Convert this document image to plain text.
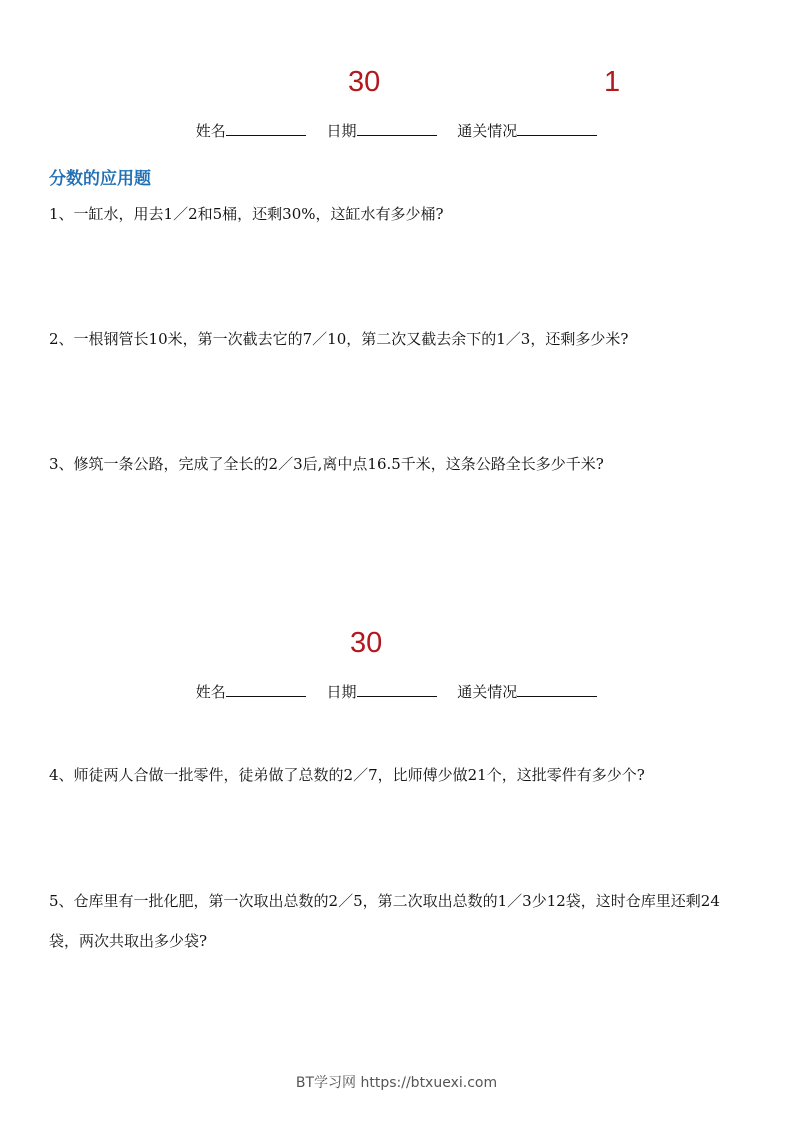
30	1
姓名	日期	通关情况
分数的应用题
1、一缸水，用去1／2和5桶，还剩30%，这缸水有多少桶?
2、一根钢管长10米，第一次截去它的7／10，第二次又截去余下的1／3，还剩多少米?
3、修筑一条公路，完成了全长的2／3后,离中点16.5千米，这条公路全长多少千米?
30
姓名	日期	通关情况
4、师徒两人合做一批零件，徒弟做了总数的2／7，比师傅少做21个，这批零件有多少个?
5、仓库里有一批化肥，第一次取出总数的2／5，第二次取出总数的1／3少12袋，这时仓库里还剩24袋，两次共取出多少袋?
BT学习网 https://btxuexi.com
